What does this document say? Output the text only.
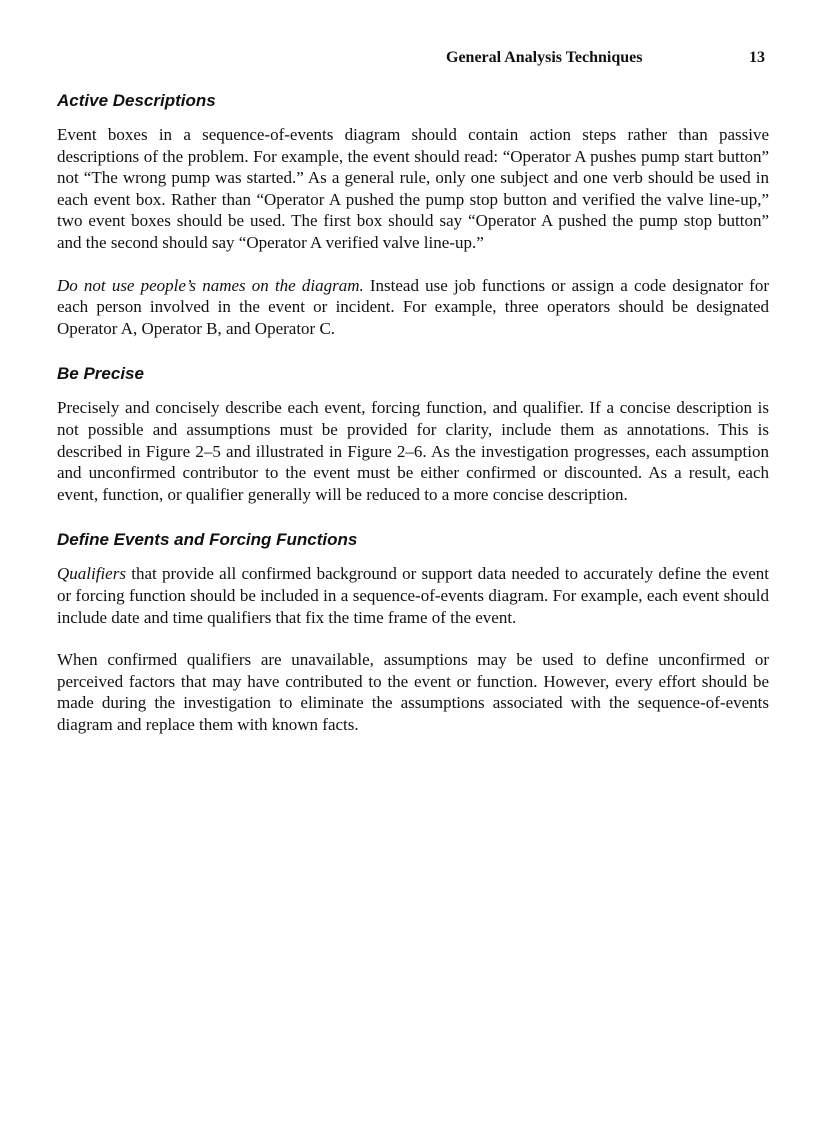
General Analysis Techniques	13
Active Descriptions

Event boxes in a sequence-of-events diagram should contain action steps rather than passive descriptions of the problem. For example, the event should read: “Operator A pushes pump start button” not “The wrong pump was started.” As a general rule, only one subject and one verb should be used in each event box. Rather than “Operator A pushed the pump stop button and verified the valve line-up,” two event boxes should be used. The first box should say “Operator A pushed the pump stop button” and the second should say “Operator A verified valve line-up.”

Do not use people’s names on the diagram. Instead use job functions or assign a code designator for each person involved in the event or incident. For example, three operators should be designated Operator A, Operator B, and Operator C.

Be Precise

Precisely and concisely describe each event, forcing function, and qualifier. If a concise description is not possible and assumptions must be provided for clarity, include them as annotations. This is described in Figure 2–5 and illustrated in Figure 2–6. As the investigation progresses, each assumption and unconfirmed contributor to the event must be either confirmed or discounted. As a result, each event, function, or qualifier generally will be reduced to a more concise description.

Define Events and Forcing Functions

Qualifiers that provide all confirmed background or support data needed to accurately define the event or forcing function should be included in a sequence-of-events diagram. For example, each event should include date and time qualifiers that fix the time frame of the event.

When confirmed qualifiers are unavailable, assumptions may be used to define unconfirmed or perceived factors that may have contributed to the event or function. However, every effort should be made during the investigation to eliminate the assumptions associated with the sequence-of-events diagram and replace them with known facts.
